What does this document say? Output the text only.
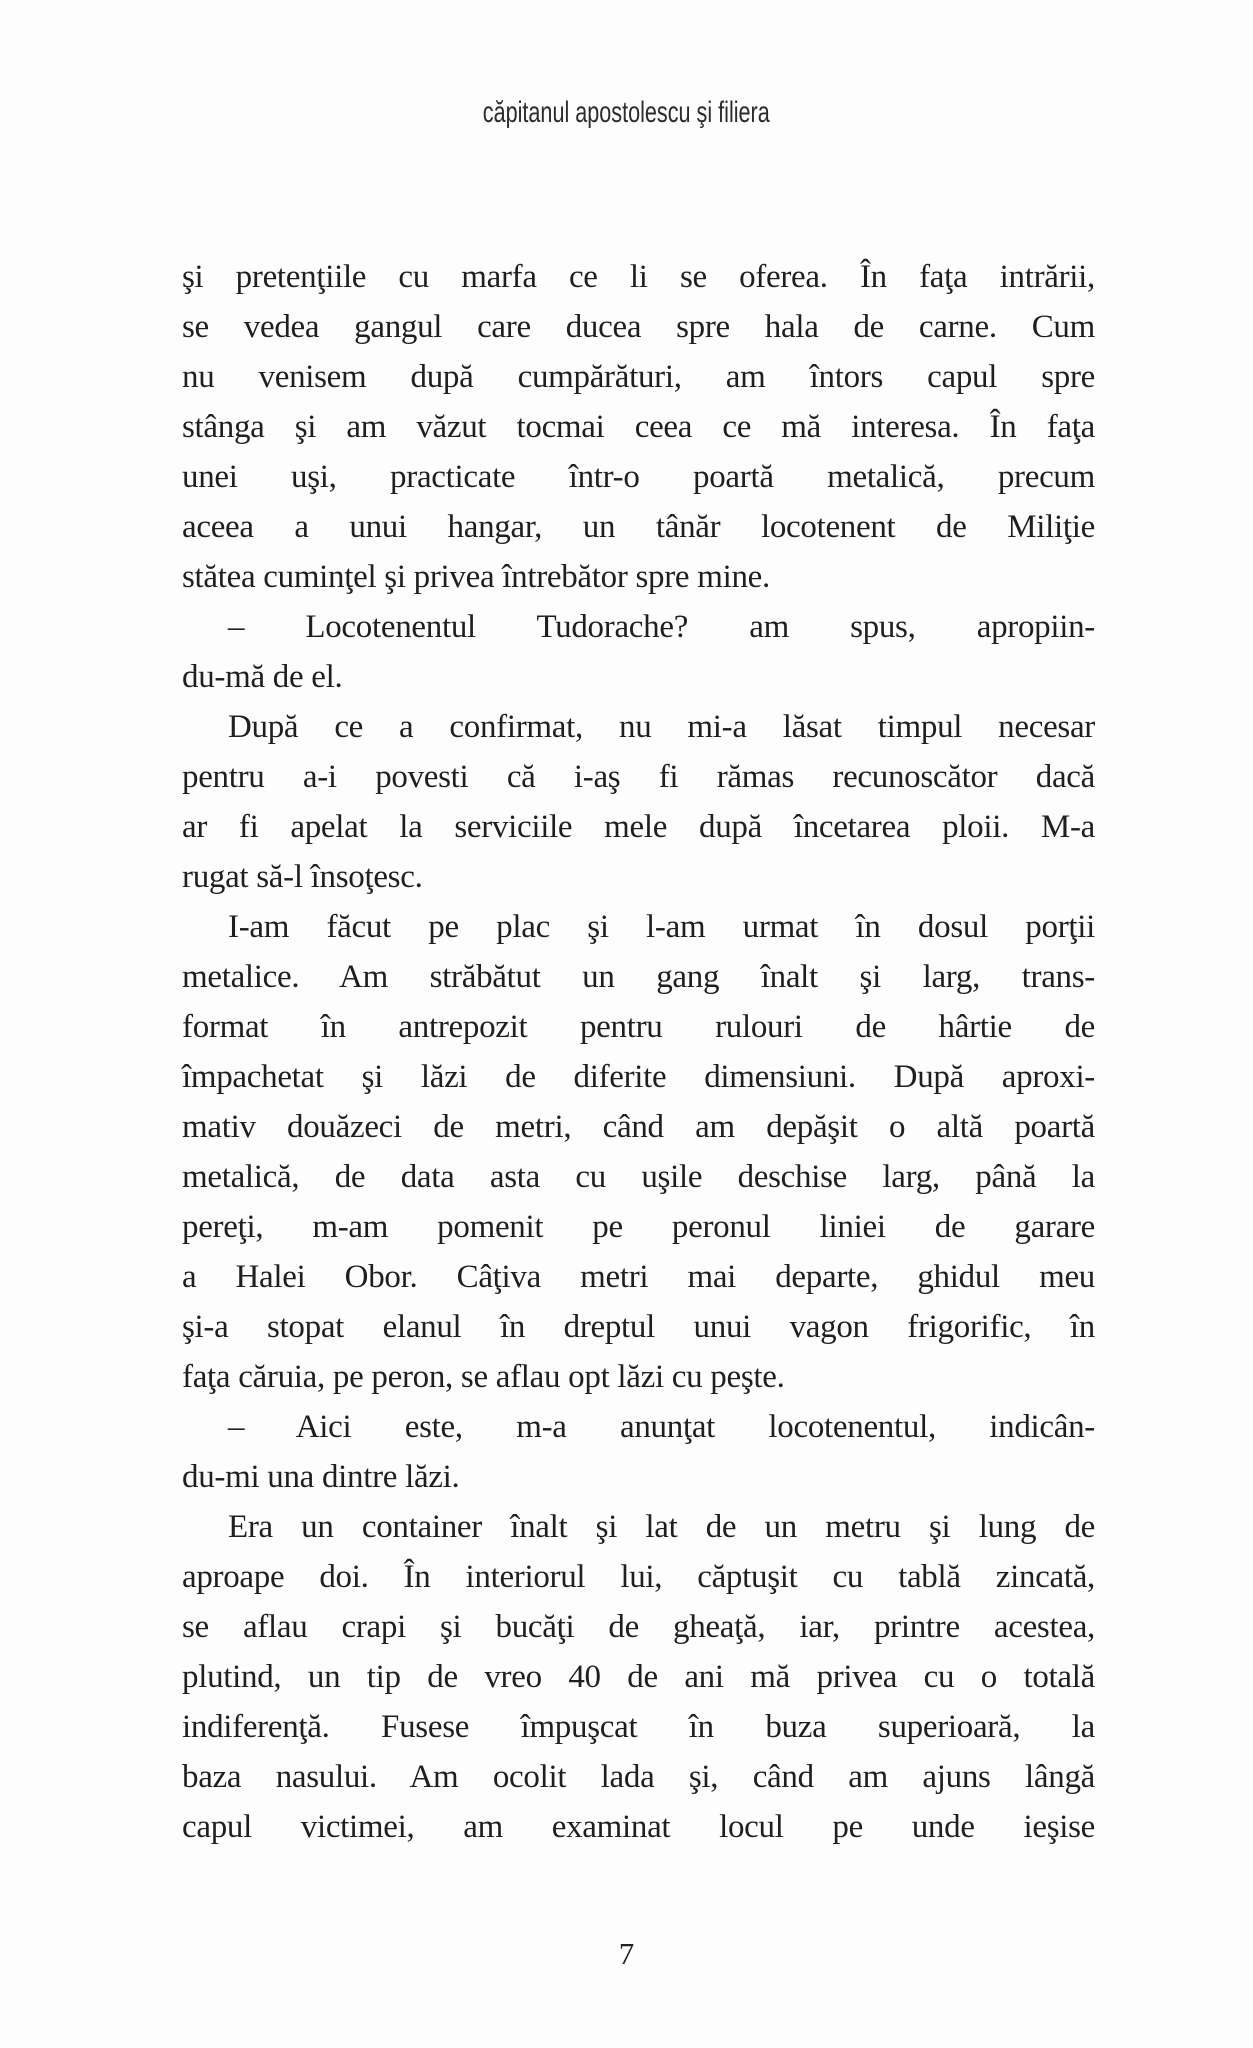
căpitanul apostolescu şi filiera
şi pretenţiile cu marfa ce li se oferea. În faţa intrării,
se vedea gangul care ducea spre hala de carne. Cum
nu venisem după cumpărături, am întors capul spre
stânga şi am văzut tocmai ceea ce mă interesa. În faţa
unei uşi, practicate într-o poartă metalică, precum
aceea a unui hangar, un tânăr locotenent de Miliţie
stătea cuminţel şi privea întrebător spre mine.
– Locotenentul Tudorache? am spus, apropiin-
du-mă de el.
După ce a confirmat, nu mi-a lăsat timpul necesar
pentru a-i povesti că i-aş fi rămas recunoscător dacă
ar fi apelat la serviciile mele după încetarea ploii. M-a
rugat să-l însoţesc.
I-am făcut pe plac şi l-am urmat în dosul porţii
metalice. Am străbătut un gang înalt şi larg, trans-
format în antrepozit pentru rulouri de hârtie de
împachetat şi lăzi de diferite dimensiuni. După aproxi-
mativ douăzeci de metri, când am depăşit o altă poartă
metalică, de data asta cu uşile deschise larg, până la
pereţi, m-am pomenit pe peronul liniei de garare
a Halei Obor. Câţiva metri mai departe, ghidul meu
şi-a stopat elanul în dreptul unui vagon frigorific, în
faţa căruia, pe peron, se aflau opt lăzi cu peşte.
– Aici este, m-a anunţat locotenentul, indicân-
du-mi una dintre lăzi.
Era un container înalt şi lat de un metru şi lung de
aproape doi. În interiorul lui, căptuşit cu tablă zincată,
se aflau crapi şi bucăţi de gheaţă, iar, printre acestea,
plutind, un tip de vreo 40 de ani mă privea cu o totală
indiferenţă. Fusese împuşcat în buza superioară, la
baza nasului. Am ocolit lada şi, când am ajuns lângă
capul victimei, am examinat locul pe unde ieşise
7
